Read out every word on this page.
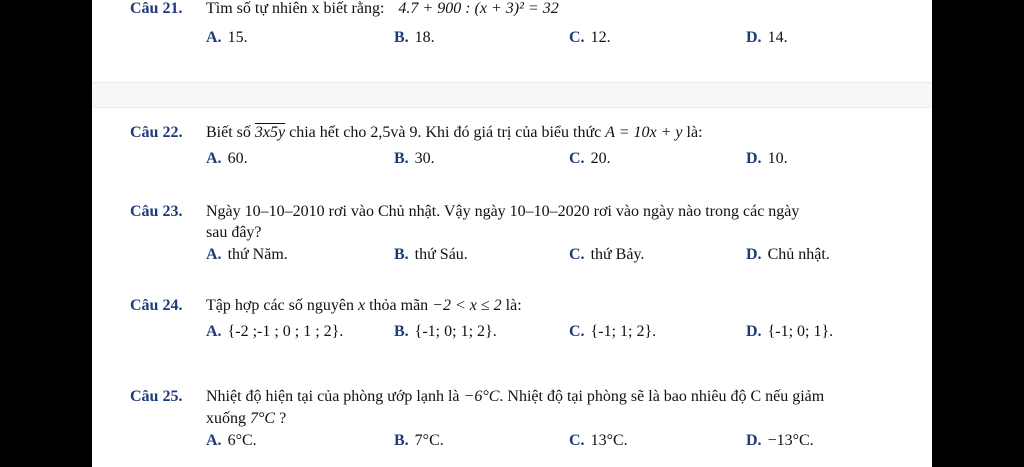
Câu 21. Tìm số tự nhiên x biết rằng: 4.7 + 900 : (x + 3)² = 32
A. 15.	B. 18.	C. 12.	D. 14.
Câu 22. Biết số 3x5y chia hết cho 2,5và 9. Khi đó giá trị của biểu thức A = 10x + y là:
A. 60.	B. 30.	C. 20.	D. 10.
Câu 23. Ngày 10–10–2010 rơi vào Chủ nhật. Vậy ngày 10–10–2020 rơi vào ngày nào trong các ngày
sau đây?
A. thứ Năm.	B. thứ Sáu.	C. thứ Bảy.	D. Chủ nhật.
Câu 24. Tập hợp các số nguyên x thỏa mãn −2 < x ≤ 2 là:
A. {-2 ;-1 ; 0 ; 1 ; 2}.	B. {-1; 0; 1; 2}.	C. {-1; 1; 2}.	D. {-1; 0; 1}.
Câu 25. Nhiệt độ hiện tại của phòng ướp lạnh là −6°C. Nhiệt độ tại phòng sẽ là bao nhiêu độ C nếu giảm
xuống 7°C ?
A. 6°C.	B. 7°C.	C. 13°C.	D. −13°C.
